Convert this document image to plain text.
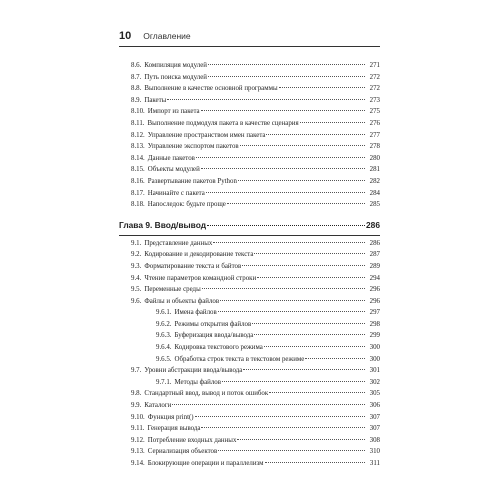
10 Оглавление
8.6. Компиляция модулей	271
8.7. Путь поиска модулей	272
8.8. Выполнение в качестве основной программы	272
8.9. Пакеты	273
8.10. Импорт из пакета	275
8.11. Выполнение подмодуля пакета в качестве сценария	276
8.12. Управление пространством имен пакета	277
8.13. Управление экспортом пакетов	278
8.14. Данные пакетов	280
8.15. Объекты модулей	281
8.16. Развертывание пакетов Python	282
8.17. Начинайте с пакета	284
8.18. Напоследок: будьте проще	285
Глава 9. Ввод/вывод	286
9.1. Представление данных	286
9.2. Кодирование и декодирование текста	287
9.3. Форматирование текста и байтов	289
9.4. Чтение параметров командной строки	294
9.5. Переменные среды	296
9.6. Файлы и объекты файлов	296
9.6.1. Имена файлов	297
9.6.2. Режимы открытия файлов	298
9.6.3. Буферизация ввода/вывода	299
9.6.4. Кодировка текстового режима	300
9.6.5. Обработка строк текста в текстовом режиме	300
9.7. Уровни абстракции ввода/вывода	301
9.7.1. Методы файлов	302
9.8. Стандартный ввод, вывод и поток ошибок	305
9.9. Каталоги	306
9.10. Функция print()	307
9.11. Генерация вывода	307
9.12. Потребление входных данных	308
9.13. Сериализация объектов	310
9.14. Блокирующие операции и параллелизм	311
